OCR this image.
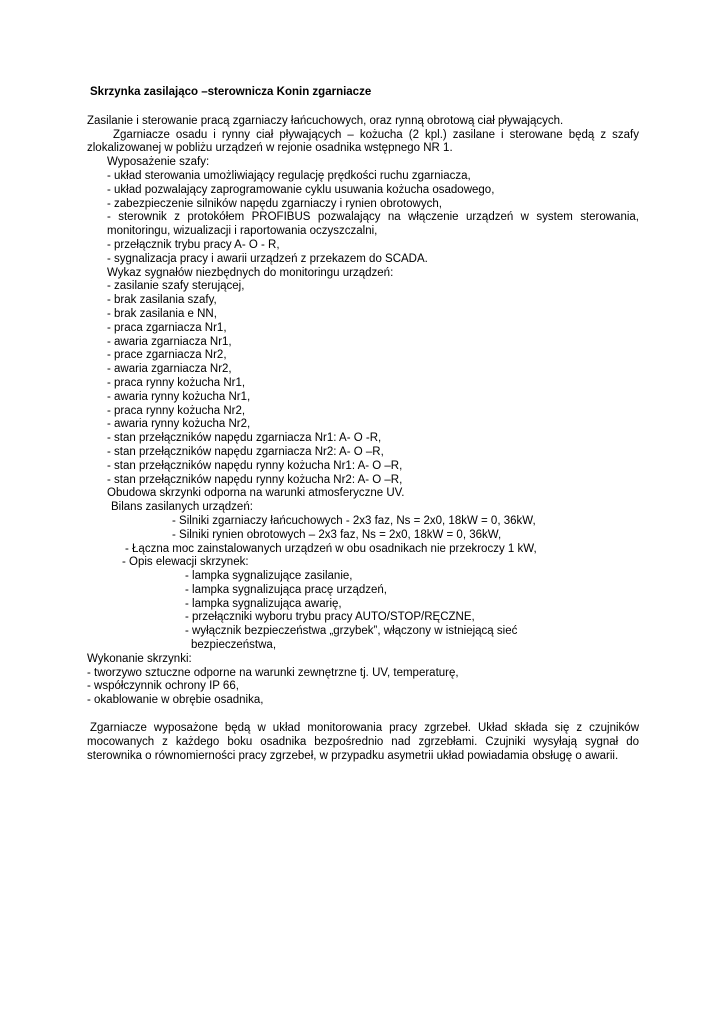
Skrzynka zasilająco –sterownicza Konin zgarniacze

Zasilanie i sterowanie pracą zgarniaczy łańcuchowych, oraz rynną obrotową ciał pływających.

Zgarniacze osadu i rynny ciał pływających – kożucha (2 kpl.) zasilane i sterowane będą z szafy zlokalizowanej w pobliżu urządzeń w rejonie osadnika wstępnego NR 1.

Wyposażenie szafy:

- układ sterowania umożliwiający regulację prędkości ruchu zgarniacza,

- układ pozwalający zaprogramowanie cyklu usuwania kożucha osadowego,

- zabezpieczenie silników napędu zgarniaczy i rynien obrotowych,

- sterownik z protokółem PROFIBUS pozwalający na włączenie urządzeń w system sterowania, monitoringu, wizualizacji i raportowania oczyszczalni,

- przełącznik trybu pracy A- O - R,

- sygnalizacja pracy i awarii urządzeń z przekazem do SCADA.

Wykaz sygnałów niezbędnych do monitoringu urządzeń:

- zasilanie szafy sterującej,

- brak zasilania szafy,

- brak zasilania e NN,

- praca zgarniacza Nr1,

- awaria zgarniacza Nr1,

- prace zgarniacza Nr2,

- awaria zgarniacza Nr2,

- praca rynny kożucha Nr1,

- awaria rynny kożucha Nr1,

- praca rynny kożucha Nr2,

- awaria rynny kożucha Nr2,

- stan przełączników napędu zgarniacza Nr1: A- O -R,

- stan przełączników napędu zgarniacza Nr2: A- O –R,

- stan przełączników napędu rynny kożucha Nr1: A- O –R,

- stan przełączników napędu rynny kożucha Nr2: A- O –R,

Obudowa skrzynki odporna na warunki atmosferyczne UV.

Bilans zasilanych urządzeń:

- Silniki zgarniaczy łańcuchowych - 2x3 faz, Ns = 2x0, 18kW = 0, 36kW,

- Silniki rynien obrotowych – 2x3 faz, Ns = 2x0, 18kW = 0, 36kW,

- Łączna moc zainstalowanych urządzeń w obu osadnikach nie przekroczy 1 kW,

- Opis elewacji skrzynek:

- lampka sygnalizujące zasilanie,

- lampka sygnalizująca pracę urządzeń,

- lampka sygnalizująca awarię,

- przełączniki wyboru trybu pracy AUTO/STOP/RĘCZNE,

- wyłącznik bezpieczeństwa „grzybek”, włączony w istniejącą sieć

bezpieczeństwa,

Wykonanie skrzynki:

- tworzywo sztuczne odporne na warunki zewnętrzne tj. UV, temperaturę,

- współczynnik ochrony IP 66,

- okablowanie w obrębie osadnika,

Zgarniacze wyposażone będą w układ monitorowania pracy zgrzebeł. Układ składa się z czujników mocowanych z każdego boku osadnika bezpośrednio nad zgrzebłami. Czujniki wysyłają sygnał do sterownika o równomierności pracy zgrzebeł, w przypadku asymetrii układ powiadamia obsługę o awarii.
